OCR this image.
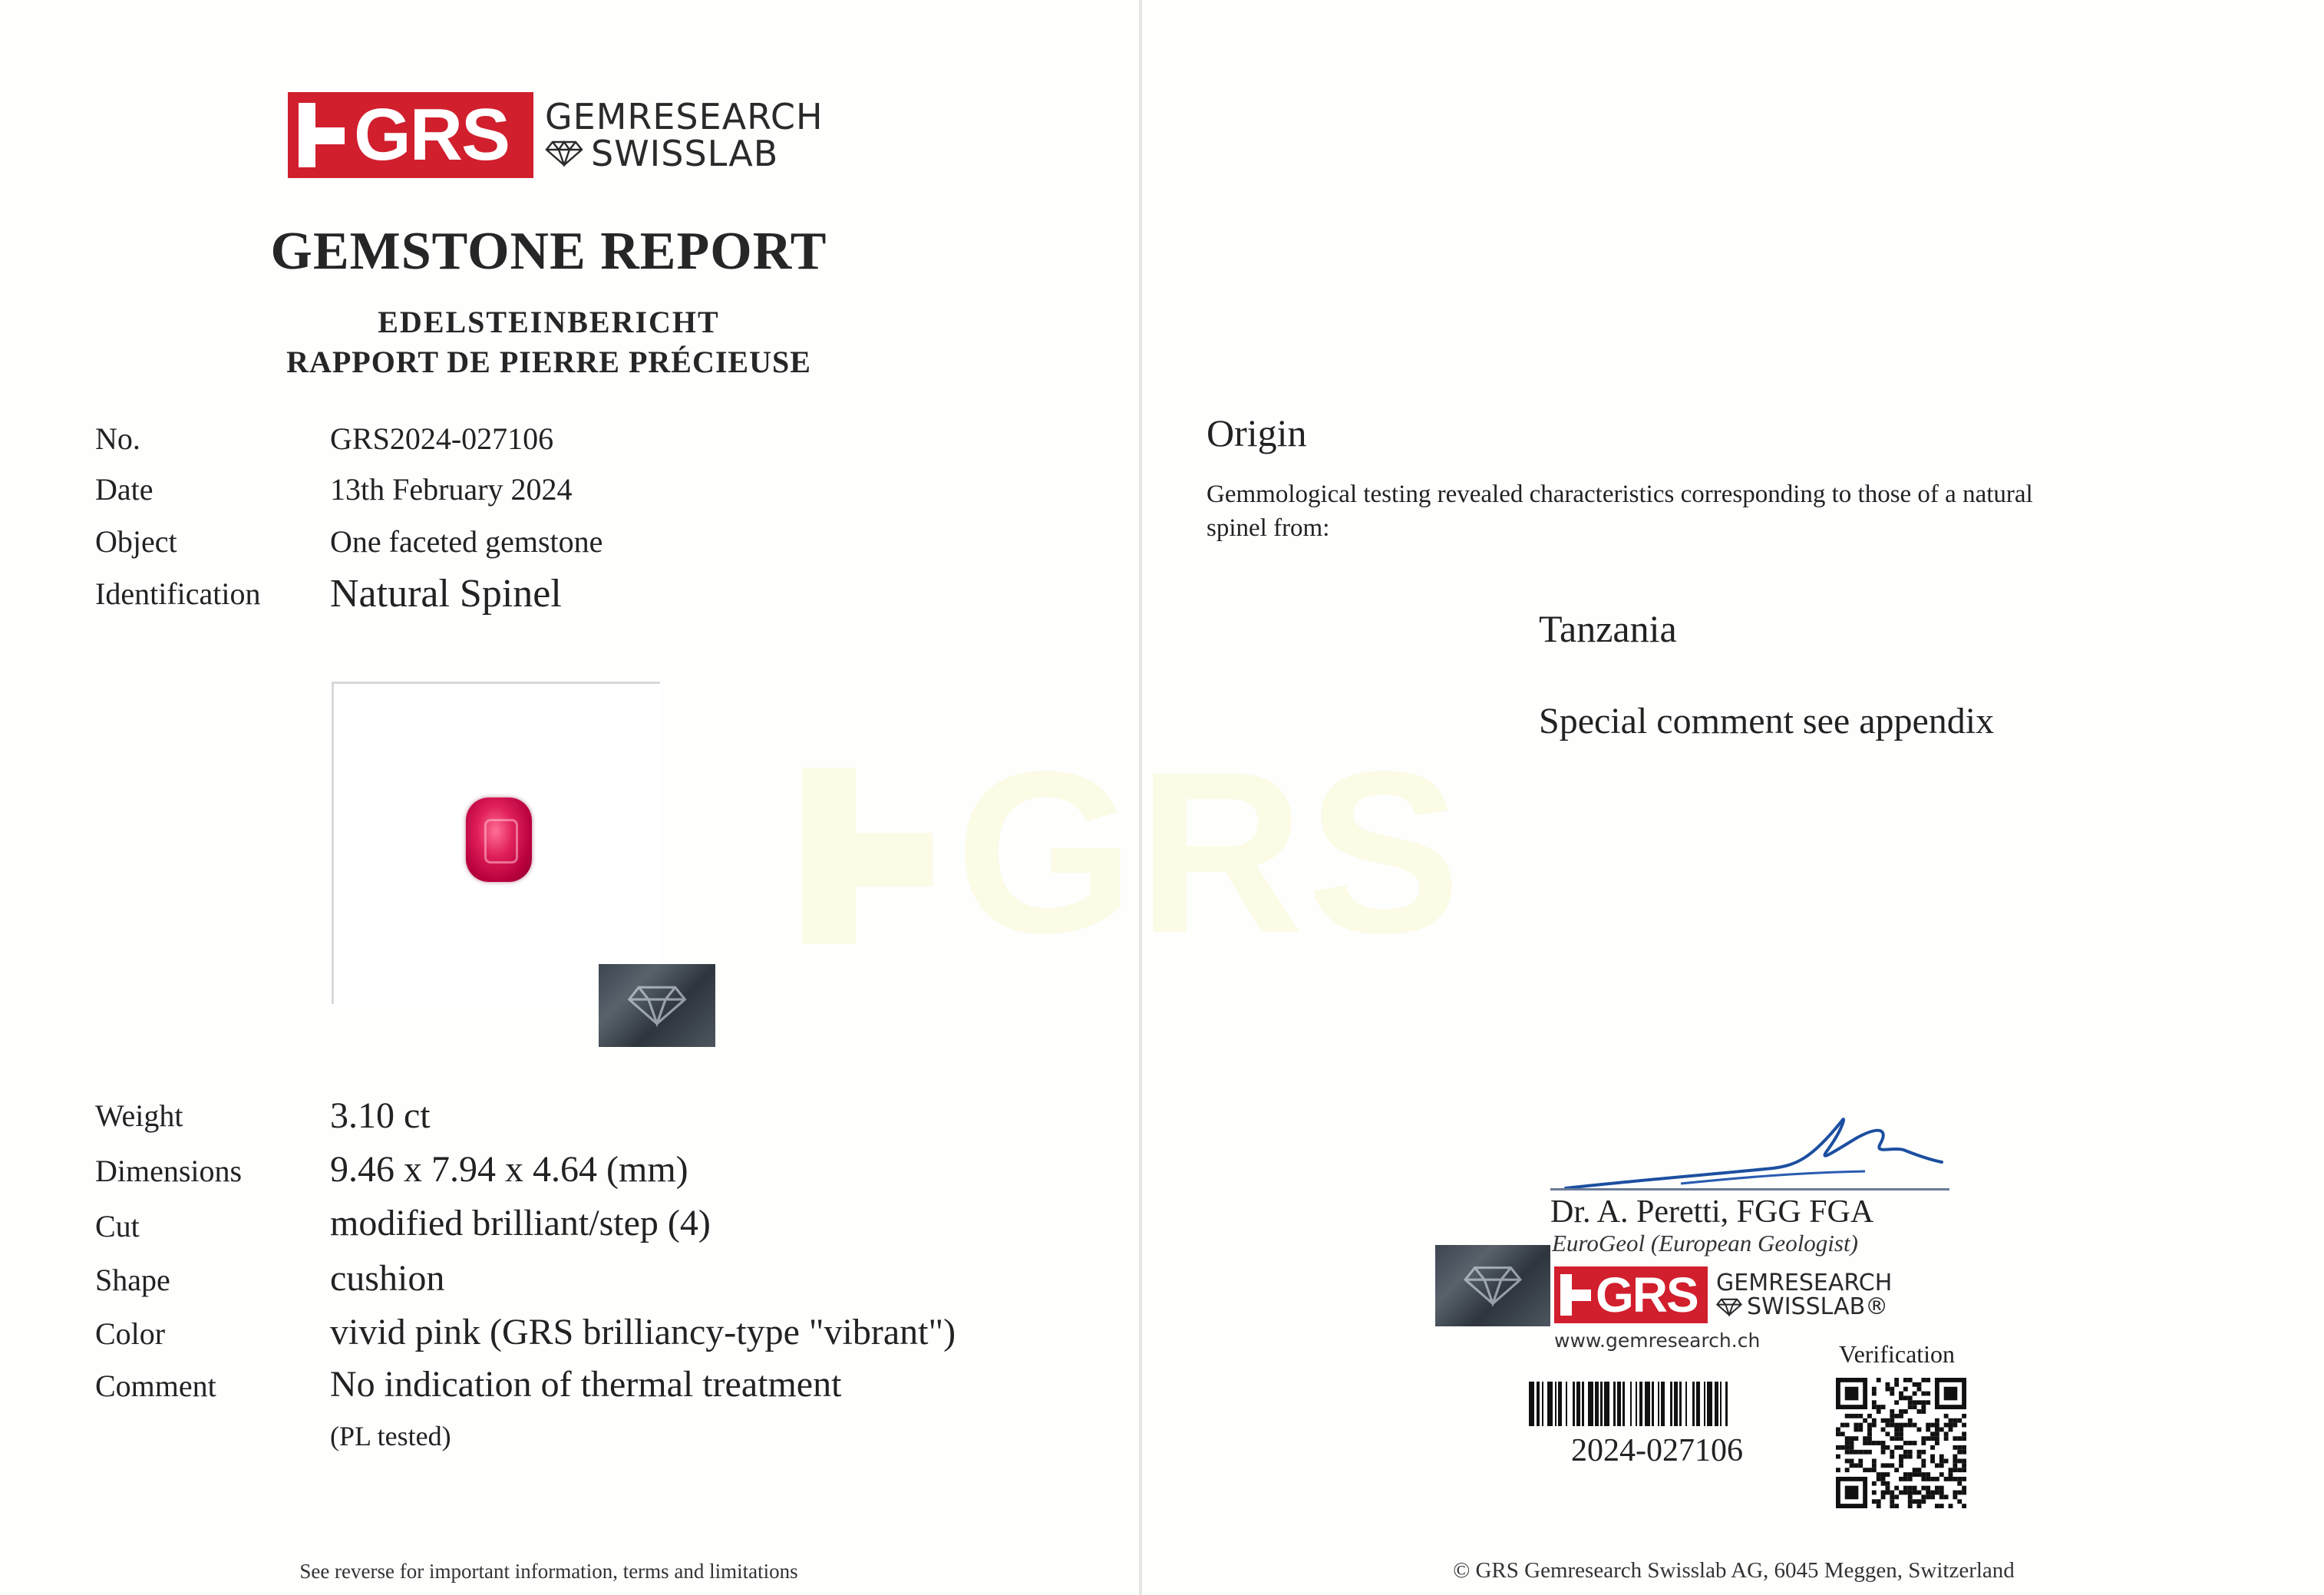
GRS
GRS GEMRESEARCH
SWISSLAB
GEMSTONE REPORT
EDELSTEINBERICHT
RAPPORT DE PIERRE PRÉCIEUSE
No.	GRS2024-027106
Date	13th February 2024
Object	One faceted gemstone
Identification Natural Spinel
Weight	3.10 ct
Dimensions 9.46 x 7.94 x 4.64 (mm)
Cut	modified brilliant/step (4)
Shape	cushion
Color	vivid pink (GRS brilliancy-type "vibrant")
Comment	No indication of thermal treatment
(PL tested)
See reverse for important information, terms and limitations
Origin
Gemmological testing revealed characteristics corresponding to those of a natural spinel from:
Tanzania
Special comment see appendix
Dr. A. Peretti, FGG FGA
EuroGeol (European Geologist)
GRS GEMRESEARCH
SWISSLAB®
www.gemresearch.ch
2024-027106
Verification
© GRS Gemresearch Swisslab AG, 6045 Meggen, Switzerland
